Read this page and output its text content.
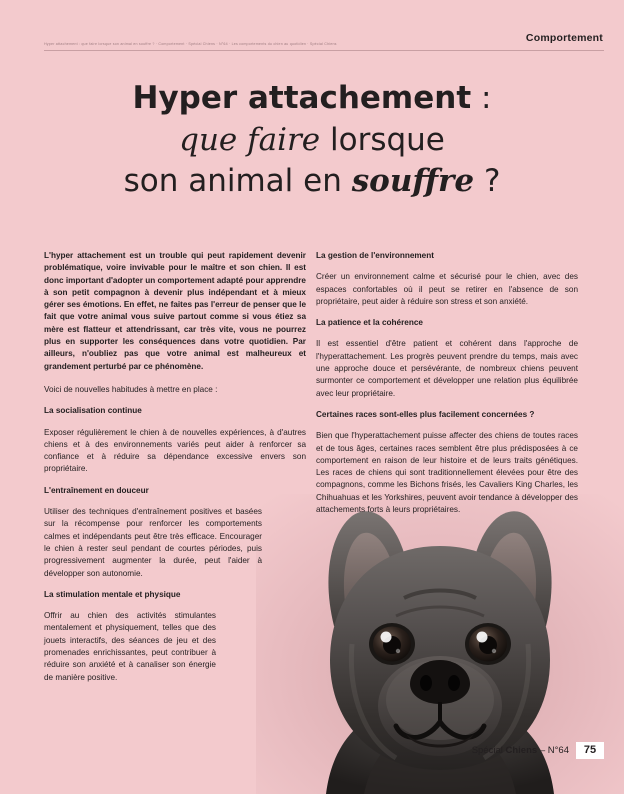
Comportement
Hyper attachement : que faire lorsque son animal en souffre ? · Comportement · Spécial Chiens · N°64 · Les comportements du chien au quotidien · Spécial Chiens
Hyper attachement :
que faire lorsque
son animal en souffre ?

L'hyper attachement est un trouble qui peut rapidement devenir problématique, voire invivable pour le maître et son chien. Il est donc important d'adopter un comportement adapté pour apprendre à son petit compagnon à devenir plus indépendant et à mieux gérer ses émotions. En effet, ne faites pas l'erreur de penser que le fait que votre animal vous suive partout comme si vous étiez sa mère est flatteur et attendrissant, car très vite, vous ne pourrez plus en supporter les conséquences dans votre quotidien. Par ailleurs, n'oubliez pas que votre animal est malheureux et grandement perturbé par ce phénomène.

Voici de nouvelles habitudes à mettre en place :

La socialisation continue

Exposer régulièrement le chien à de nouvelles expériences, à d'autres chiens et à des environnements variés peut aider à renforcer sa confiance et à réduire sa dépendance excessive envers son propriétaire.

L'entraînement en douceur

Utiliser des techniques d'entraînement positives et basées sur la récompense pour renforcer les comportements calmes et indépendants peut être très efficace. Encourager le chien à rester seul pendant de courtes périodes, puis progressivement augmenter la durée, peut l'aider à développer son autonomie.

La stimulation mentale et physique

Offrir au chien des activités stimulantes mentalement et physiquement, telles que des jouets interactifs, des séances de jeu et des promenades enrichissantes, peut contribuer à réduire son anxiété et à canaliser son énergie de manière positive.

La gestion de l'environnement

Créer un environnement calme et sécurisé pour le chien, avec des espaces confortables où il peut se retirer en l'absence de son propriétaire, peut aider à réduire son stress et son anxiété.

La patience et la cohérence

Il est essentiel d'être patient et cohérent dans l'approche de l'hyperattachement. Les progrès peuvent prendre du temps, mais avec une approche douce et persévérante, de nombreux chiens peuvent surmonter ce comportement et développer une relation plus équilibrée avec leur propriétaire.

Certaines races sont-elles plus facilement concernées ?

Bien que l'hyperattachement puisse affecter des chiens de toutes races et de tous âges, certaines races semblent être plus prédisposées à ce comportement en raison de leur histoire et de leurs traits génétiques. Les races de chiens qui sont traditionnellement élevées pour être des compagnons, comme les Bichons frisés, les Cavaliers King Charles, les Chihuahuas et les Yorkshires, peuvent avoir tendance à développer des attachements forts à leurs propriétaires.

Spécial Chiens – N°64	75
